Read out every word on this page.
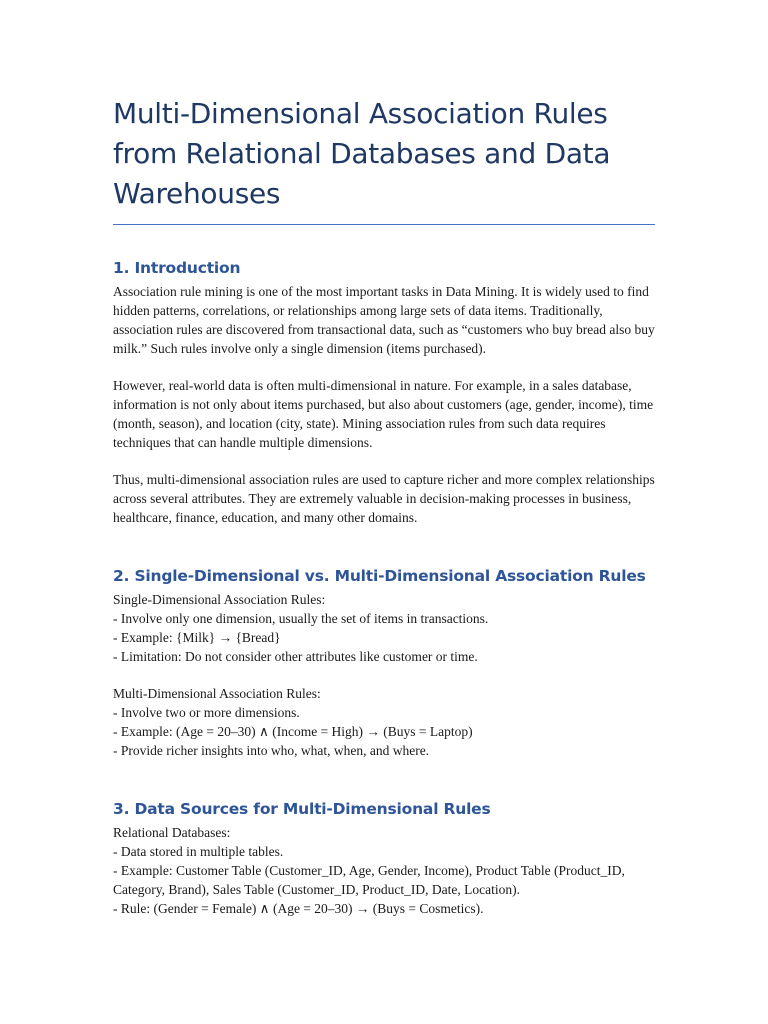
Multi-Dimensional Association Rules from Relational Databases and Data Warehouses
1. Introduction

Association rule mining is one of the most important tasks in Data Mining. It is widely used to find hidden patterns, correlations, or relationships among large sets of data items. Traditionally, association rules are discovered from transactional data, such as “customers who buy bread also buy milk.” Such rules involve only a single dimension (items purchased).

However, real-world data is often multi-dimensional in nature. For example, in a sales database, information is not only about items purchased, but also about customers (age, gender, income), time (month, season), and location (city, state). Mining association rules from such data requires techniques that can handle multiple dimensions.

Thus, multi-dimensional association rules are used to capture richer and more complex relationships across several attributes. They are extremely valuable in decision-making processes in business, healthcare, finance, education, and many other domains.

2. Single-Dimensional vs. Multi-Dimensional Association Rules
Single-Dimensional Association Rules:
- Involve only one dimension, usually the set of items in transactions.
- Example: {Milk} → {Bread}
- Limitation: Do not consider other attributes like customer or time.
Multi-Dimensional Association Rules:
- Involve two or more dimensions.
- Example: (Age = 20–30) ∧ (Income = High) → (Buys = Laptop)
- Provide richer insights into who, what, when, and where.
3. Data Sources for Multi-Dimensional Rules
Relational Databases:
- Data stored in multiple tables.
- Example: Customer Table (Customer_ID, Age, Gender, Income), Product Table (Product_ID, Category, Brand), Sales Table (Customer_ID, Product_ID, Date, Location).
- Rule: (Gender = Female) ∧ (Age = 20–30) → (Buys = Cosmetics).
